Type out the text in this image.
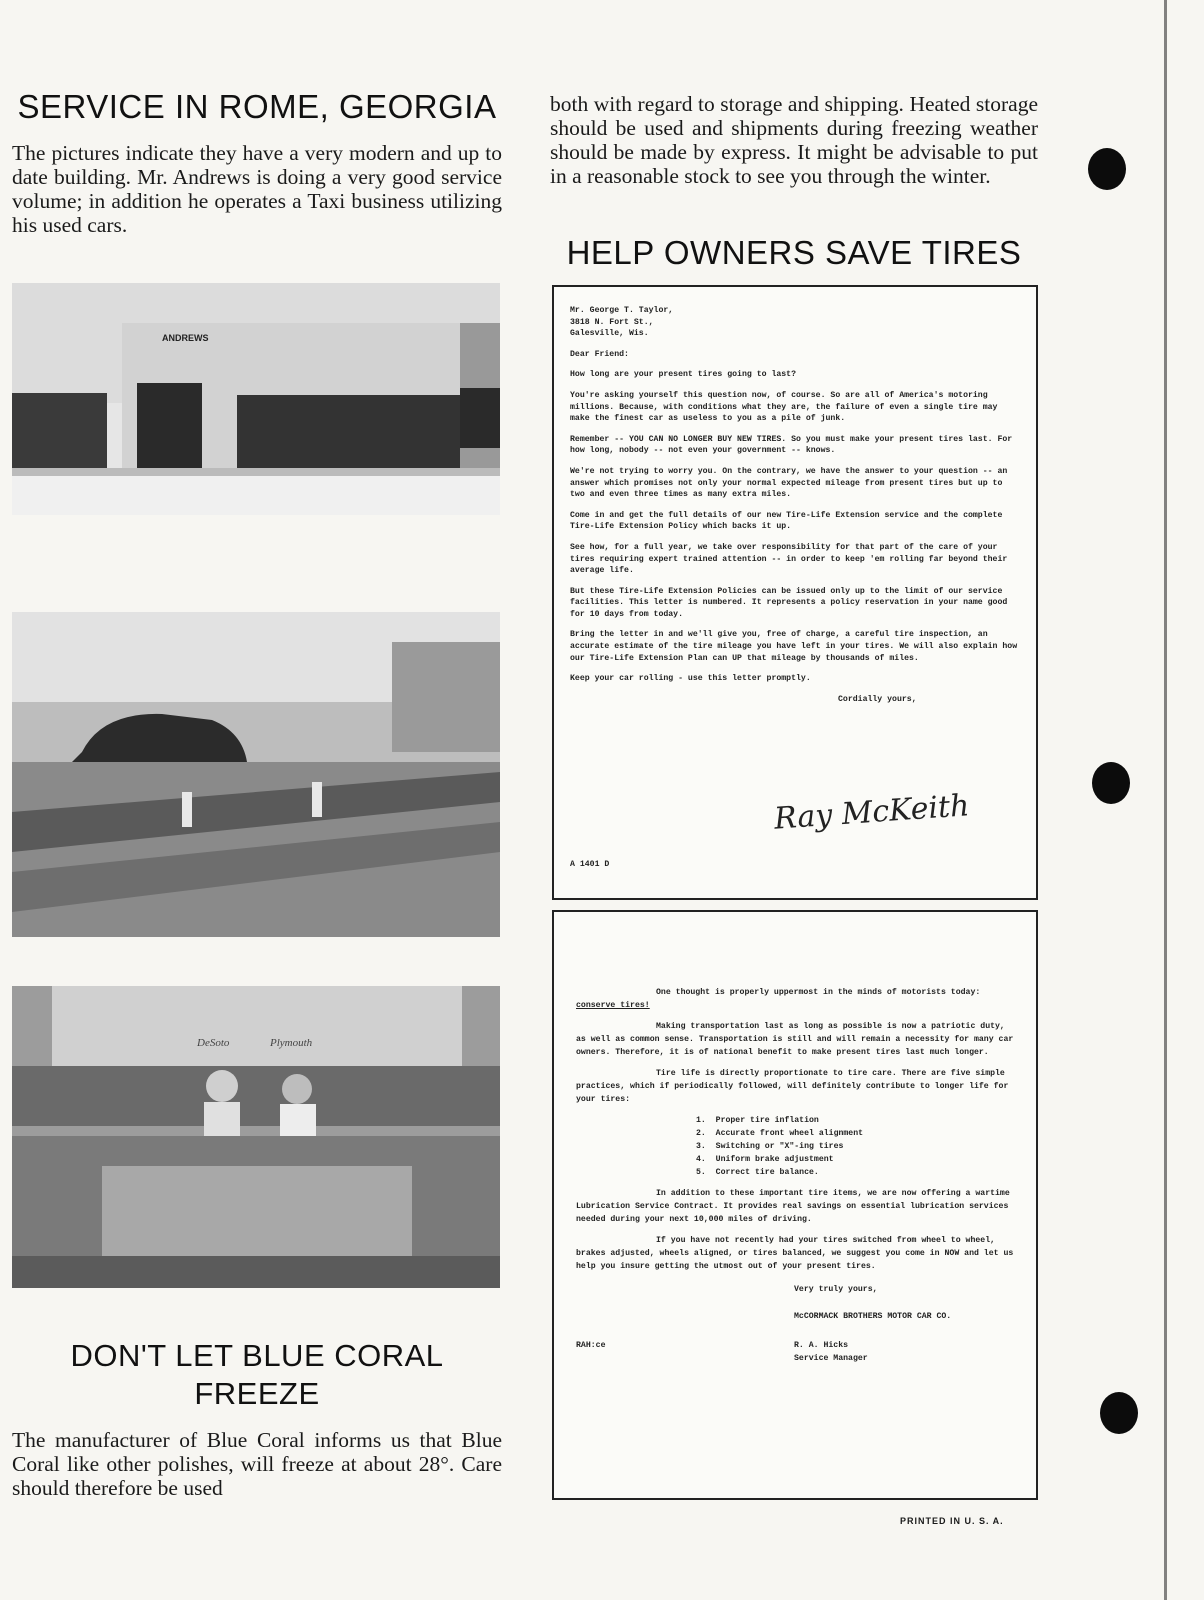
SERVICE IN ROME, GEORGIA

The pictures indicate they have a very modern and up to date building. Mr. Andrews is doing a very good service volume; in addition he operates a Taxi business utilizing his used cars.

ANDREWS
DeSoto	Plymouth
DON'T LET BLUE CORAL
FREEZE

The manufacturer of Blue Coral informs us that Blue Coral like other polishes, will freeze at about 28°. Care should therefore be used

both with regard to storage and shipping. Heated storage should be used and shipments during freezing weather should be made by express. It might be advisable to put in a reasonable stock to see you through the winter.

HELP OWNERS SAVE TIRES

Mr. George T. Taylor,
3818 N. Fort St.,
Galesville, Wis.

Dear Friend:

How long are your present tires going to last?

You're asking yourself this question now, of course. So are all of America's motoring millions. Because, with conditions what they are, the failure of even a single tire may make the finest car as useless to you as a pile of junk.

Remember -- YOU CAN NO LONGER BUY NEW TIRES. So you must make your present tires last. For how long, nobody -- not even your government -- knows.

We're not trying to worry you. On the contrary, we have the answer to your question -- an answer which promises not only your normal expected mileage from present tires but up to two and even three times as many extra miles.

Come in and get the full details of our new Tire-Life Extension service and the complete Tire-Life Extension Policy which backs it up.

See how, for a full year, we take over responsibility for that part of the care of your tires requiring expert trained attention -- in order to keep 'em rolling far beyond their average life.

But these Tire-Life Extension Policies can be issued only up to the limit of our service facilities. This letter is numbered. It represents a policy reservation in your name good for 10 days from today.

Bring the letter in and we'll give you, free of charge, a careful tire inspection, an accurate estimate of the tire mileage you have left in your tires. We will also explain how our Tire-Life Extension Plan can UP that mileage by thousands of miles.

Keep your car rolling - use this letter promptly.

Cordially yours,

Ray McKeith
A 1401 D

One thought is properly uppermost in the minds of motorists today: conserve tires!

Making transportation last as long as possible is now a patriotic duty, as well as common sense. Transportation is still and will remain a necessity for many car owners. Therefore, it is of national benefit to make present tires last much longer.

Tire life is directly proportionate to tire care. There are five simple practices, which if periodically followed, will definitely contribute to longer life for your tires:

1.  Proper tire inflation
2.  Accurate front wheel alignment
3.  Switching or "X"-ing tires
4.  Uniform brake adjustment
5.  Correct tire balance.

In addition to these important tire items, we are now offering a wartime Lubrication Service Contract. It provides real savings on essential lubrication services needed during your next 10,000 miles of driving.

If you have not recently had your tires switched from wheel to wheel, brakes adjusted, wheels aligned, or tires balanced, we suggest you come in NOW and let us help you insure getting the utmost out of your present tires.

Very truly yours,

McCORMACK BROTHERS MOTOR CAR CO.

RAH:ce	R. A. Hicks
Service Manager
PRINTED IN U. S. A.
